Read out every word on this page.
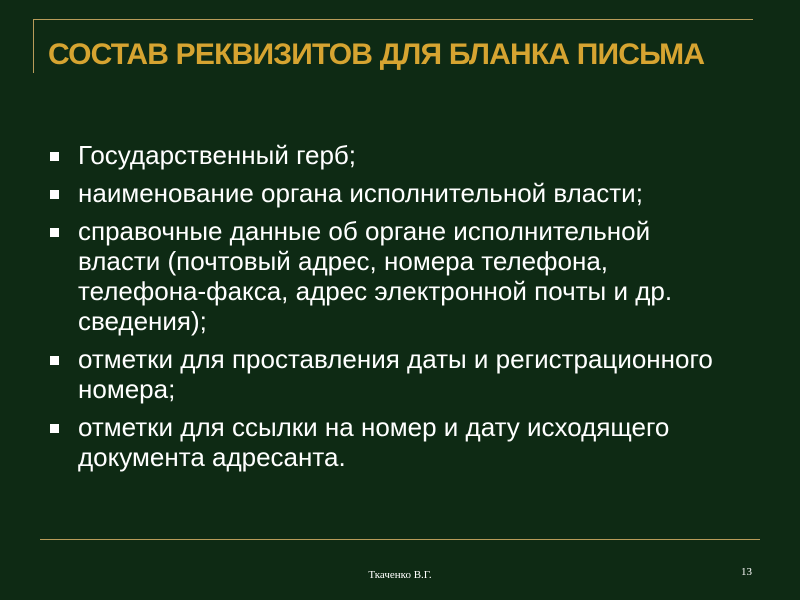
СОСТАВ РЕКВИЗИТОВ ДЛЯ БЛАНКА ПИСЬМА
Государственный герб;
наименование органа исполнительной власти;
справочные данные об органе исполнительной власти (почтовый адрес, номера телефона, телефона-факса, адрес электронной почты и др. сведения);
отметки для проставления даты и регистрационного номера;
отметки для ссылки на номер и дату исходящего документа адресанта.
Ткаченко В.Г.	13
